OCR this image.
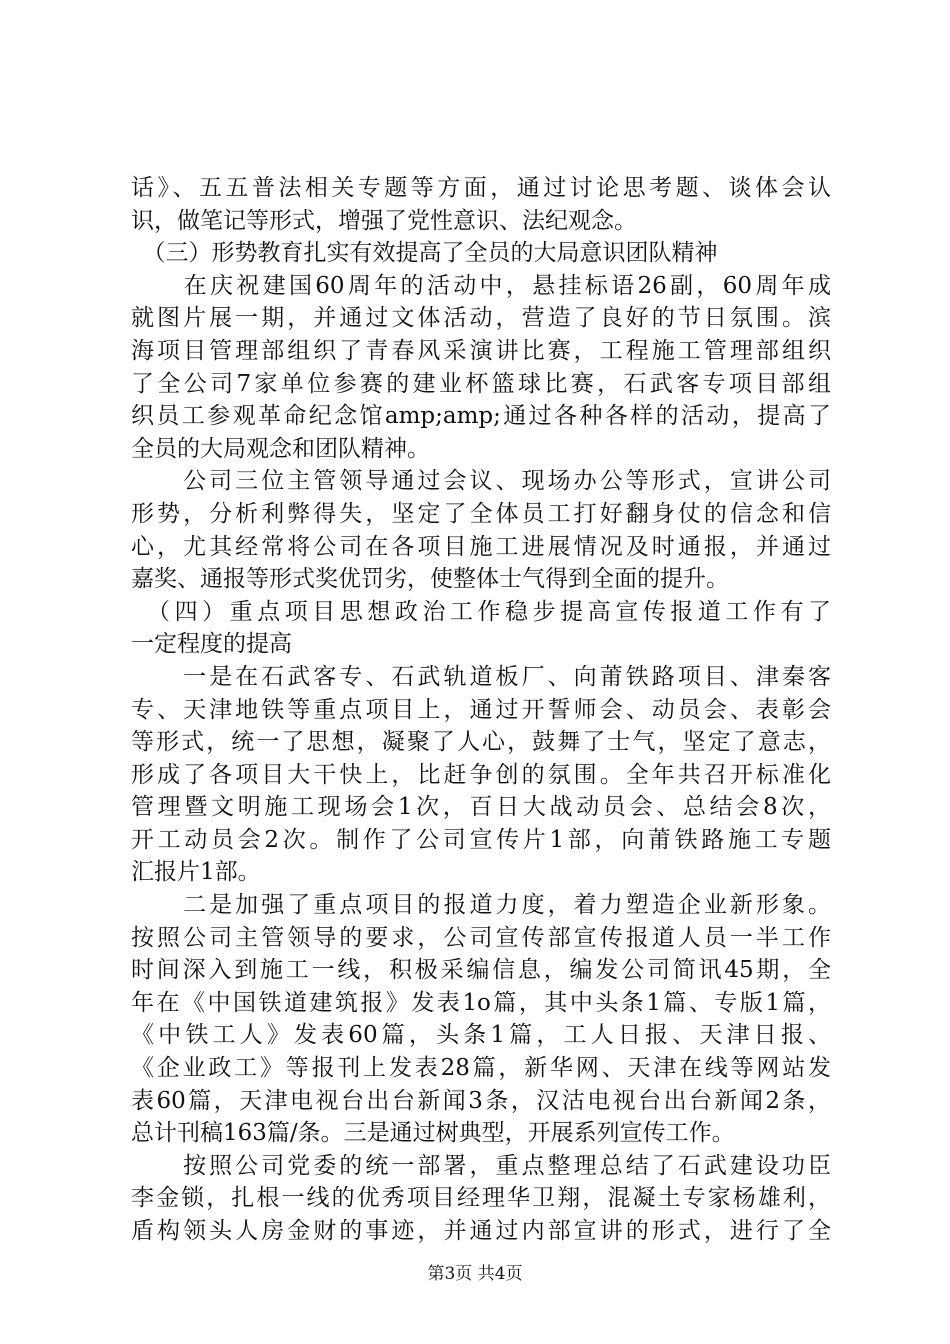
话》、五五普法相关专题等方面，通过讨论思考题、谈体会认
识，做笔记等形式，增强了党性意识、法纪观念。
　（三）形势教育扎实有效提高了全员的大局意识团队精神
　　在庆祝建国60周年的活动中，悬挂标语26副，60周年成
就图片展一期，并通过文体活动，营造了良好的节日氛围。滨
海项目管理部组织了青春风采演讲比赛，工程施工管理部组织
了全公司7家单位参赛的建业杯篮球比赛，石武客专项目部组
织员工参观革命纪念馆amp;amp;通过各种各样的活动，提高了
全员的大局观念和团队精神。
　　公司三位主管领导通过会议、现场办公等形式，宣讲公司
形势，分析利弊得失，坚定了全体员工打好翻身仗的信念和信
心，尤其经常将公司在各项目施工进展情况及时通报，并通过
嘉奖、通报等形式奖优罚劣，使整体士气得到全面的提升。
　（四）重点项目思想政治工作稳步提高宣传报道工作有了
一定程度的提高
　　一是在石武客专、石武轨道板厂、向莆铁路项目、津秦客
专、天津地铁等重点项目上，通过开誓师会、动员会、表彰会
等形式，统一了思想，凝聚了人心，鼓舞了士气，坚定了意志，
形成了各项目大干快上，比赶争创的氛围。全年共召开标准化
管理暨文明施工现场会1次，百日大战动员会、总结会8次，
开工动员会2次。制作了公司宣传片1部，向莆铁路施工专题
汇报片1部。
　　二是加强了重点项目的报道力度，着力塑造企业新形象。
按照公司主管领导的要求，公司宣传部宣传报道人员一半工作
时间深入到施工一线，积极采编信息，编发公司简讯45期，全
年在《中国铁道建筑报》发表1o篇，其中头条1篇、专版1篇，
《中铁工人》发表60篇，头条1篇，工人日报、天津日报、
《企业政工》等报刊上发表28篇，新华网、天津在线等网站发
表60篇，天津电视台出台新闻3条，汉沽电视台出台新闻2条，
总计刊稿163篇/条。三是通过树典型，开展系列宣传工作。
　　按照公司党委的统一部署，重点整理总结了石武建设功臣
李金锁，扎根一线的优秀项目经理华卫翔，混凝土专家杨雄利，
盾构领头人房金财的事迹，并通过内部宣讲的形式，进行了全
第3页 共4页
